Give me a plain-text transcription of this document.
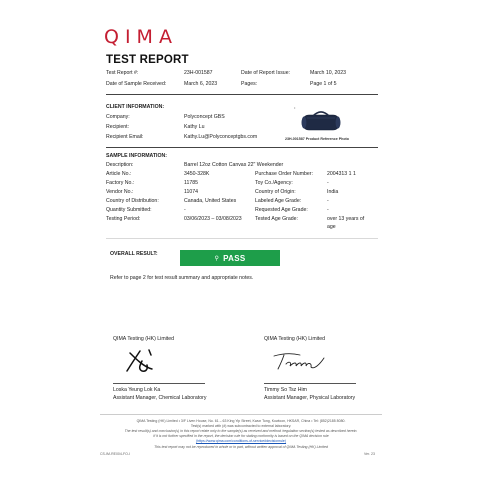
QIMA
TEST REPORT
Test Report #:	23H-001587	Date of Report Issue:	March 10, 2023
Date of Sample Received:	March 6, 2023	Pages:	Page 1 of 5
CLIENT INFORMATION:
Company:	Polyconcept GBS
Recipient:	Kathy Lu
Recipient Email:	Kathy.Lu@Polyconceptgbs.com
•
23H-001587 Product Reference Photo
SAMPLE INFORMATION:
Description:	Barrel 12oz Cotton Canvas 22" Weekender
Article No.:	3450-328K	Purchase Order Number:	2004313 1 1
Factory No.:	11785	Toy Co./Agency:	-
Vendor No.:	11074	Country of Origin:	India
Country of Distribution:	Canada, United States	Labeled Age Grade:	-
Quantity Submitted:	-	Requested Age Grade:	-
Testing Period:	03/06/2023 – 03/08/2023	Tested Age Grade:	over 13 years of
age
OVERALL RESULT:
⚲ PASS
Refer to page 2 for test result summary and appropriate notes.
QIMA Testing (HK) Limited	QIMA Testing (HK) Limited
Loska Yeung Lok Ka
Assistant Manager, Chemical Laboratory
Timmy So Tsz Him
Assistant Manager, Physical Laboratory
QIMA Testing (HK) Limited • 3/F Liven House, No. 61 – 63 King Yip Street, Kwun Tong, Kowloon, HKSAR, China • Tel: (852)2185 8080.
Test(s) marked with (#) was subcontracted to external laboratory.
The test result(s) and conclusion(s) in this report relate only to the sample(s) as received and method /regulation section(s) tested as described herein.
If it is not further specified in the report, the decision rule for stating conformity is based on the QIMA decision rule
(https://www.qima.com/conditions-of-service#decisionrule)
This test report may not be reproduced in whole or in part, without written approval of QIMA Testing (HK) Limited
CS-IM-RE004-FO-I	Ver. 23
